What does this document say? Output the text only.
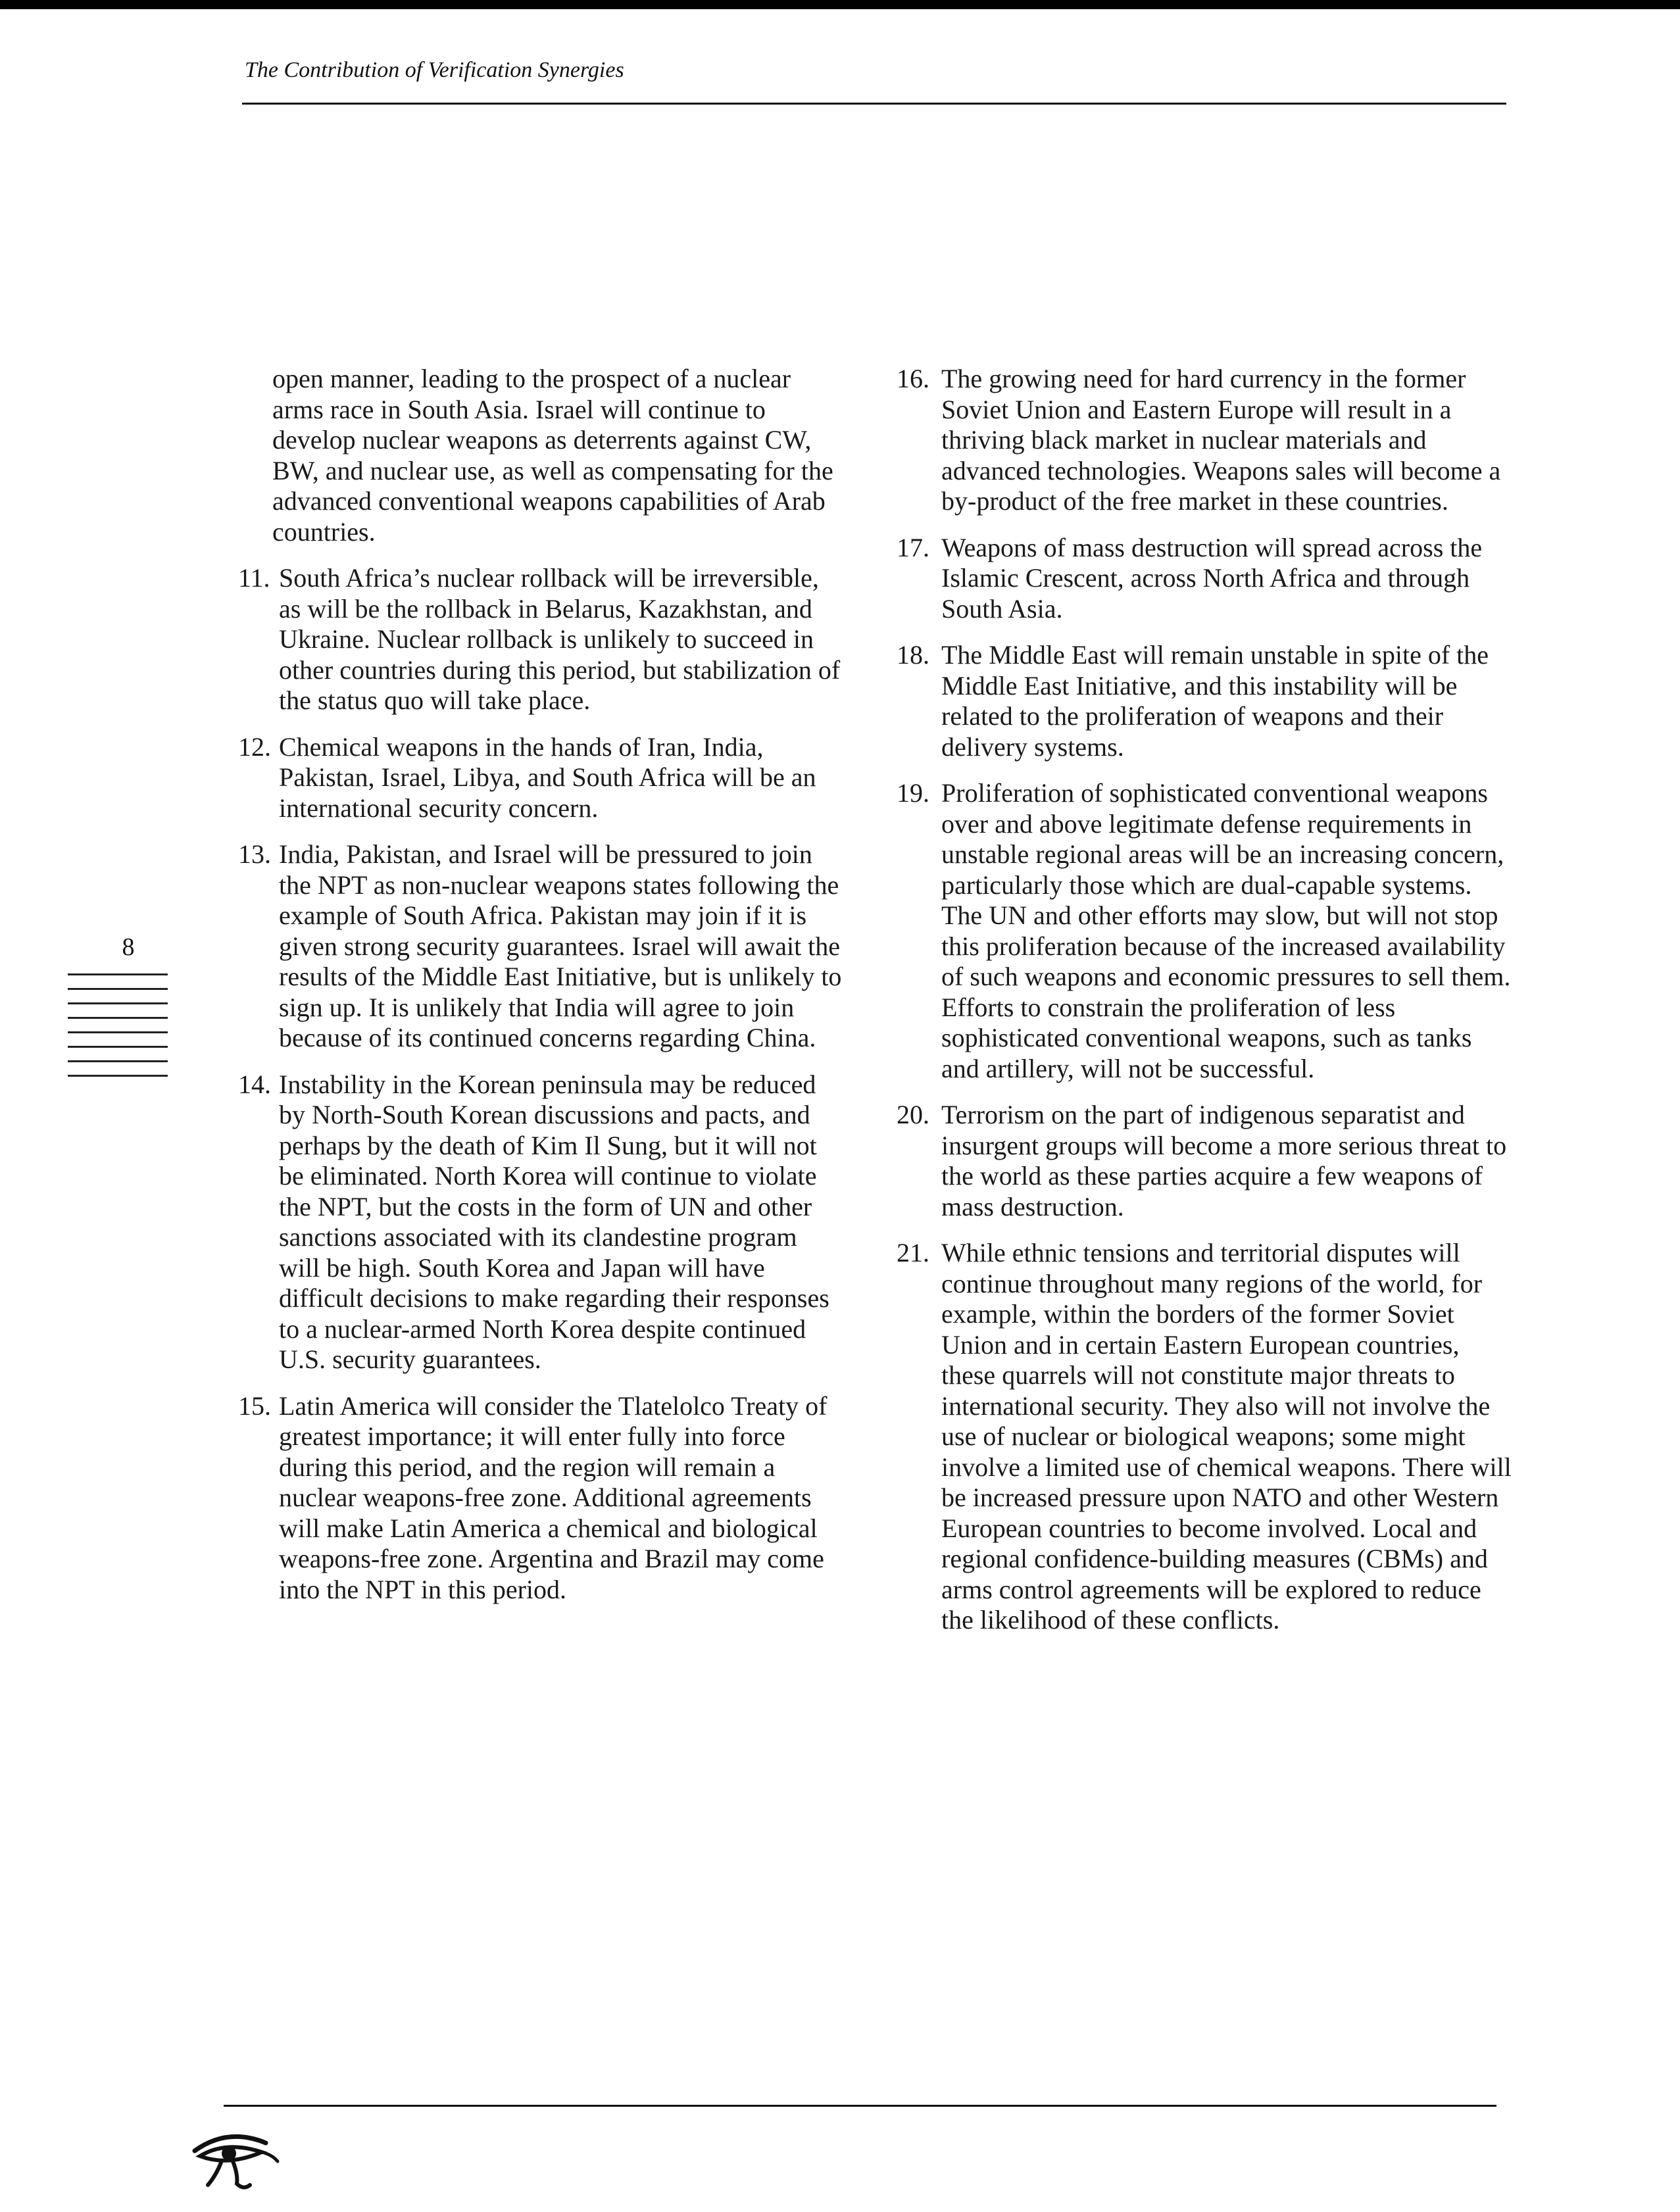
The Contribution of Verification Synergies
8

open manner, leading to the prospect of a nuclear arms race in South Asia. Israel will continue to develop nuclear weapons as deterrents against CW, BW, and nuclear use, as well as compensating for the advanced conventional weapons capabilities of Arab countries.

11. South Africa’s nuclear rollback will be irreversible, as will be the rollback in Belarus, Kazakhstan, and Ukraine. Nuclear rollback is unlikely to succeed in other countries during this period, but stabilization of the status quo will take place.
12. Chemical weapons in the hands of Iran, India, Pakistan, Israel, Libya, and South Africa will be an international security concern.
13. India, Pakistan, and Israel will be pressured to join the NPT as non-nuclear weapons states following the example of South Africa. Pakistan may join if it is given strong security guarantees. Israel will await the results of the Middle East Initiative, but is unlikely to sign up. It is unlikely that India will agree to join because of its continued concerns regarding China.
14. Instability in the Korean peninsula may be reduced by North-South Korean discussions and pacts, and perhaps by the death of Kim Il Sung, but it will not be eliminated. North Korea will continue to violate the NPT, but the costs in the form of UN and other sanctions associated with its clandestine program will be high. South Korea and Japan will have difficult decisions to make regarding their responses to a nuclear-armed North Korea despite continued U.S. security guarantees.
15. Latin America will consider the Tlatelolco Treaty of greatest importance; it will enter fully into force during this period, and the region will remain a nuclear weapons-free zone. Additional agreements will make Latin America a chemical and biological weapons-free zone. Argentina and Brazil may come into the NPT in this period.
16. The growing need for hard currency in the former Soviet Union and Eastern Europe will result in a thriving black market in nuclear materials and advanced technologies. Weapons sales will become a by-product of the free market in these countries.
17. Weapons of mass destruction will spread across the Islamic Crescent, across North Africa and through South Asia.
18. The Middle East will remain unstable in spite of the Middle East Initiative, and this instability will be related to the proliferation of weapons and their delivery systems.
19. Proliferation of sophisticated conventional weapons over and above legitimate defense requirements in unstable regional areas will be an increasing concern, particularly those which are dual-capable systems. The UN and other efforts may slow, but will not stop this proliferation because of the increased availability of such weapons and economic pressures to sell them. Efforts to constrain the proliferation of less sophisticated conventional weapons, such as tanks and artillery, will not be successful.
20. Terrorism on the part of indigenous separatist and insurgent groups will become a more serious threat to the world as these parties acquire a few weapons of mass destruction.
21. While ethnic tensions and territorial disputes will continue throughout many regions of the world, for example, within the borders of the former Soviet Union and in certain Eastern European countries, these quarrels will not constitute major threats to international security. They also will not involve the use of nuclear or biological weapons; some might involve a limited use of chemical weapons. There will be increased pressure upon NATO and other Western European countries to become involved. Local and regional confidence-building measures (CBMs) and arms control agreements will be explored to reduce the likelihood of these conflicts.
